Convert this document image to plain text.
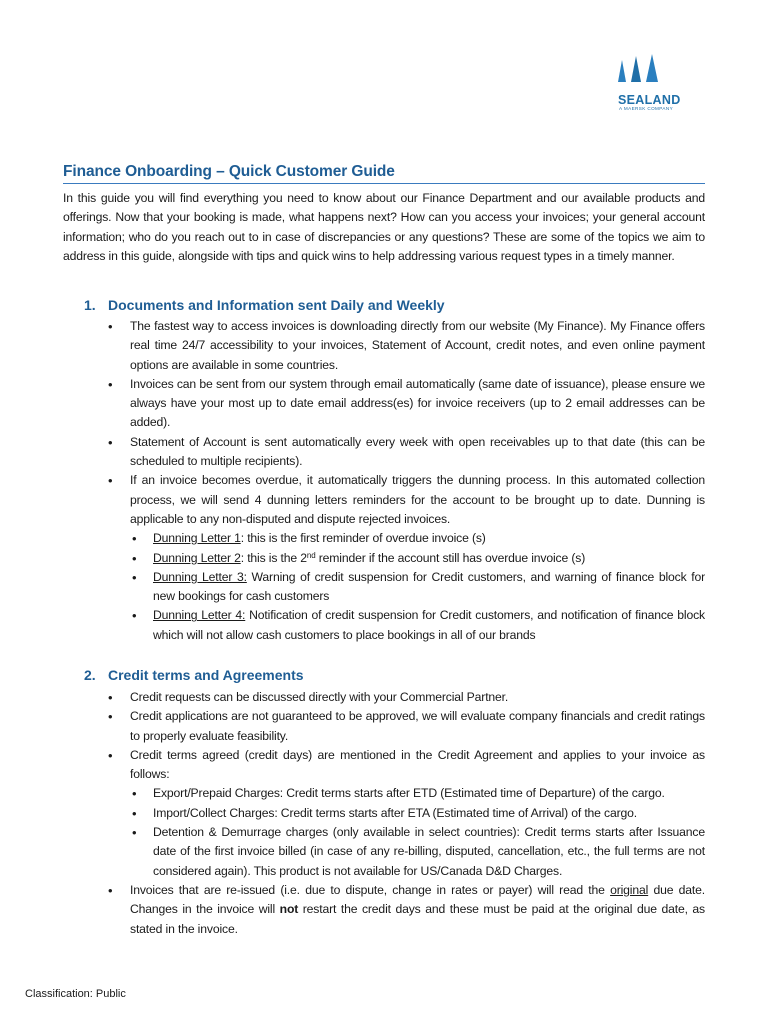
SEALAND
A MAERSK COMPANY
Finance Onboarding – Quick Customer Guide
In this guide you will find everything you need to know about our Finance Department and our available products and offerings. Now that your booking is made, what happens next? How can you access your invoices; your general account information; who do you reach out to in case of discrepancies or any questions? These are some of the topics we aim to address in this guide, alongside with tips and quick wins to help addressing various request types in a timely manner.
1. Documents and Information sent Daily and Weekly
• The fastest way to access invoices is downloading directly from our website (My Finance). My Finance offers real time 24/7 accessibility to your invoices, Statement of Account, credit notes, and even online payment options are available in some countries.
• Invoices can be sent from our system through email automatically (same date of issuance), please ensure we always have your most up to date email address(es) for invoice receivers (up to 2 email addresses can be added).
• Statement of Account is sent automatically every week with open receivables up to that date (this can be scheduled to multiple recipients).
• If an invoice becomes overdue, it automatically triggers the dunning process. In this automated collection process, we will send 4 dunning letters reminders for the account to be brought up to date. Dunning is applicable to any non-disputed and dispute rejected invoices.
• Dunning Letter 1: this is the first reminder of overdue invoice (s)
• Dunning Letter 2: this is the 2nd reminder if the account still has overdue invoice (s)
• Dunning Letter 3: Warning of credit suspension for Credit customers, and warning of finance block for new bookings for cash customers
• Dunning Letter 4: Notification of credit suspension for Credit customers, and notification of finance block which will not allow cash customers to place bookings in all of our brands
2. Credit terms and Agreements
• Credit requests can be discussed directly with your Commercial Partner.
• Credit applications are not guaranteed to be approved, we will evaluate company financials and credit ratings to properly evaluate feasibility.
• Credit terms agreed (credit days) are mentioned in the Credit Agreement and applies to your invoice as follows:
• Export/Prepaid Charges: Credit terms starts after ETD (Estimated time of Departure) of the cargo.
• Import/Collect Charges: Credit terms starts after ETA (Estimated time of Arrival) of the cargo.
• Detention & Demurrage charges (only available in select countries): Credit terms starts after Issuance date of the first invoice billed (in case of any re-billing, disputed, cancellation, etc., the full terms are not considered again). This product is not available for US/Canada D&D Charges.
• Invoices that are re-issued (i.e. due to dispute, change in rates or payer) will read the original due date. Changes in the invoice will not restart the credit days and these must be paid at the original due date, as stated in the invoice.
Classification: Public
